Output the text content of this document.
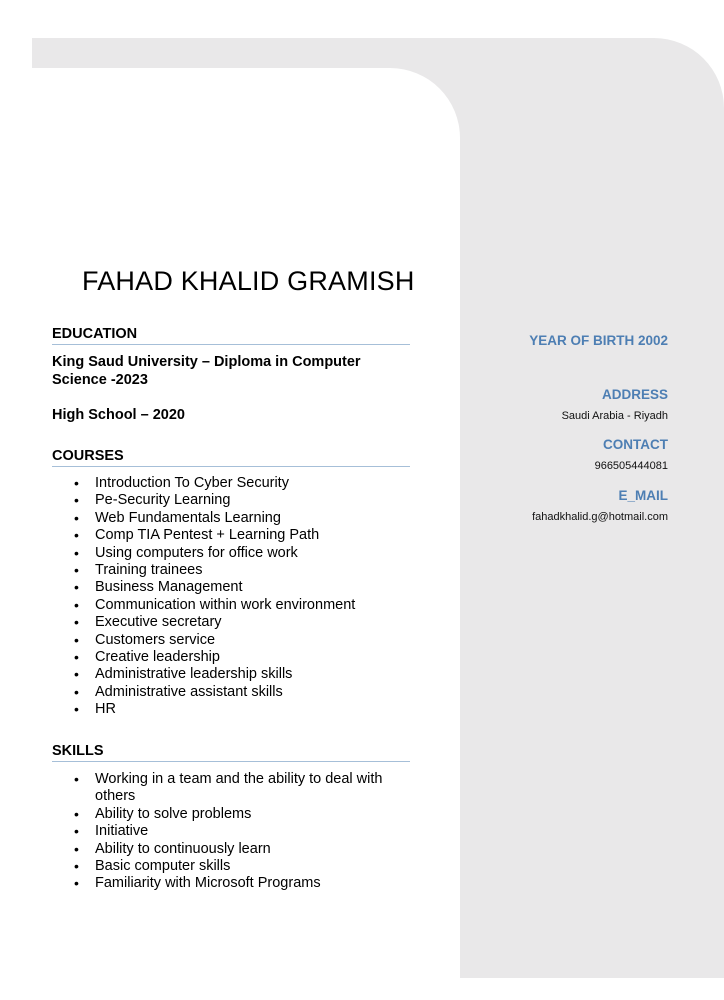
FAHAD KHALID GRAMISH
EDUCATION
King Saud University – Diploma in Computer Science -2023
High School – 2020
COURSES
• Introduction To Cyber Security
• Pe-Security Learning
• Web Fundamentals Learning
• Comp TIA Pentest + Learning Path
• Using computers for office work
• Training trainees
• Business Management
• Communication within work environment
• Executive secretary
• Customers service
• Creative leadership
• Administrative leadership skills
• Administrative assistant skills
• HR
SKILLS
• Working in a team and the ability to deal with others
• Ability to solve problems
• Initiative
• Ability to continuously learn
• Basic computer skills
• Familiarity with Microsoft Programs
YEAR OF BIRTH 2002
ADDRESS
Saudi Arabia - Riyadh
CONTACT
966505444081
E_MAIL
fahadkhalid.g@hotmail.com
